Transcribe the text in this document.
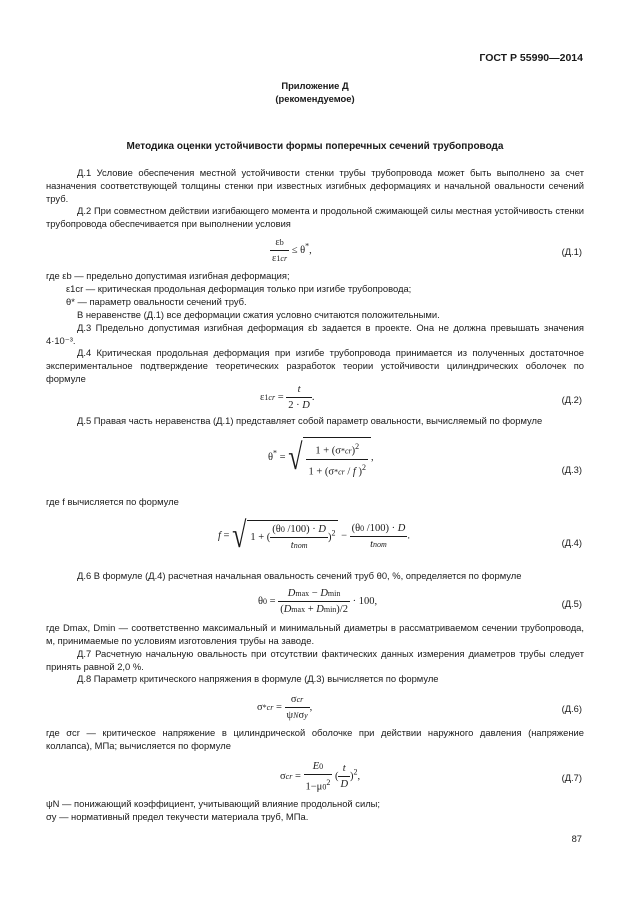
ГОСТ Р 55990—2014
Приложение Д
(рекомендуемое)
Методика оценки устойчивости формы поперечных сечений трубопровода
Д.1 Условие обеспечения местной устойчивости стенки трубы трубопровода может быть выполнено за счет назначения соответствующей толщины стенки при известных изгибных деформациях и начальной овальности сечений труб.
Д.2 При совместном действии изгибающего момента и продольной сжимающей силы местная устойчивость стенки трубопровода обеспечивается при выполнении условия
$\frac{\varepsilon b}{\varepsilon 1cr} \le \theta^*$,	(Д.1)
где εb — предельно допустимая изгибная деформация;
ε1cr — критическая продольная деформация только при изгибе трубопровода;
θ* — параметр овальности сечений труб.
В неравенстве (Д.1) все деформации сжатия условно считаются положительными.
Д.3 Предельно допустимая изгибная деформация εb задается в проекте. Она не должна превышать значения 4·10⁻³.
Д.4 Критическая продольная деформация при изгибе трубопровода принимается из полученных достаточное экспериментальное подтверждение теоретических разработок теории устойчивости цилиндрических оболочек по формуле
$\varepsilon 1cr = \frac{t}{2 \cdot D}$ .	(Д.2)
Д.5 Правая часть неравенства (Д.1) представляет собой параметр овальности, вычисляемый по формуле
θ* = √ $\frac{1 + (\sigma*cr)^2}{1 + (\sigma*cr / f )^2}$ ,
(Д.3)
где f вычисляется по формуле
f = √ 1 + (
(θ0 /100) · D
tnom
)$^2$ −
(θ0 /100) · D
tnom
.
(Д.4)
Д.6 В формуле (Д.4) расчетная начальная овальность сечений труб θ0, %, определяется по формуле
θ0 =
Dmax − Dmin
(Dmax + Dmin)/2
· 100,	(Д.5)
где Dmax, Dmin — соответственно максимальный и минимальный диаметры в рассматриваемом сечении трубопровода, м, принимаемые по условиям изготовления трубы на заводе.
Д.7 Расчетную начальную овальность при отсутствии фактических данных измерения диаметров трубы следует принять равной 2,0 %.
Д.8 Параметр критического напряжения в формуле (Д.3) вычисляется по формуле
σ*cr =
σcr
ψNσy
,	(Д.6)
где σcr — критическое напряжение в цилиндрической оболочке при действии наружного давления (напряжение коллапса), МПа; вычисляется по формуле
$\sigma cr = \frac{E0}{1-\mu 0^2}$ ( $\frac{t}{D} )^2$,	(Д.7)
ψN — понижающий коэффициент, учитывающий влияние продольной силы;
σy — нормативный предел текучести материала труб, МПа.
87
